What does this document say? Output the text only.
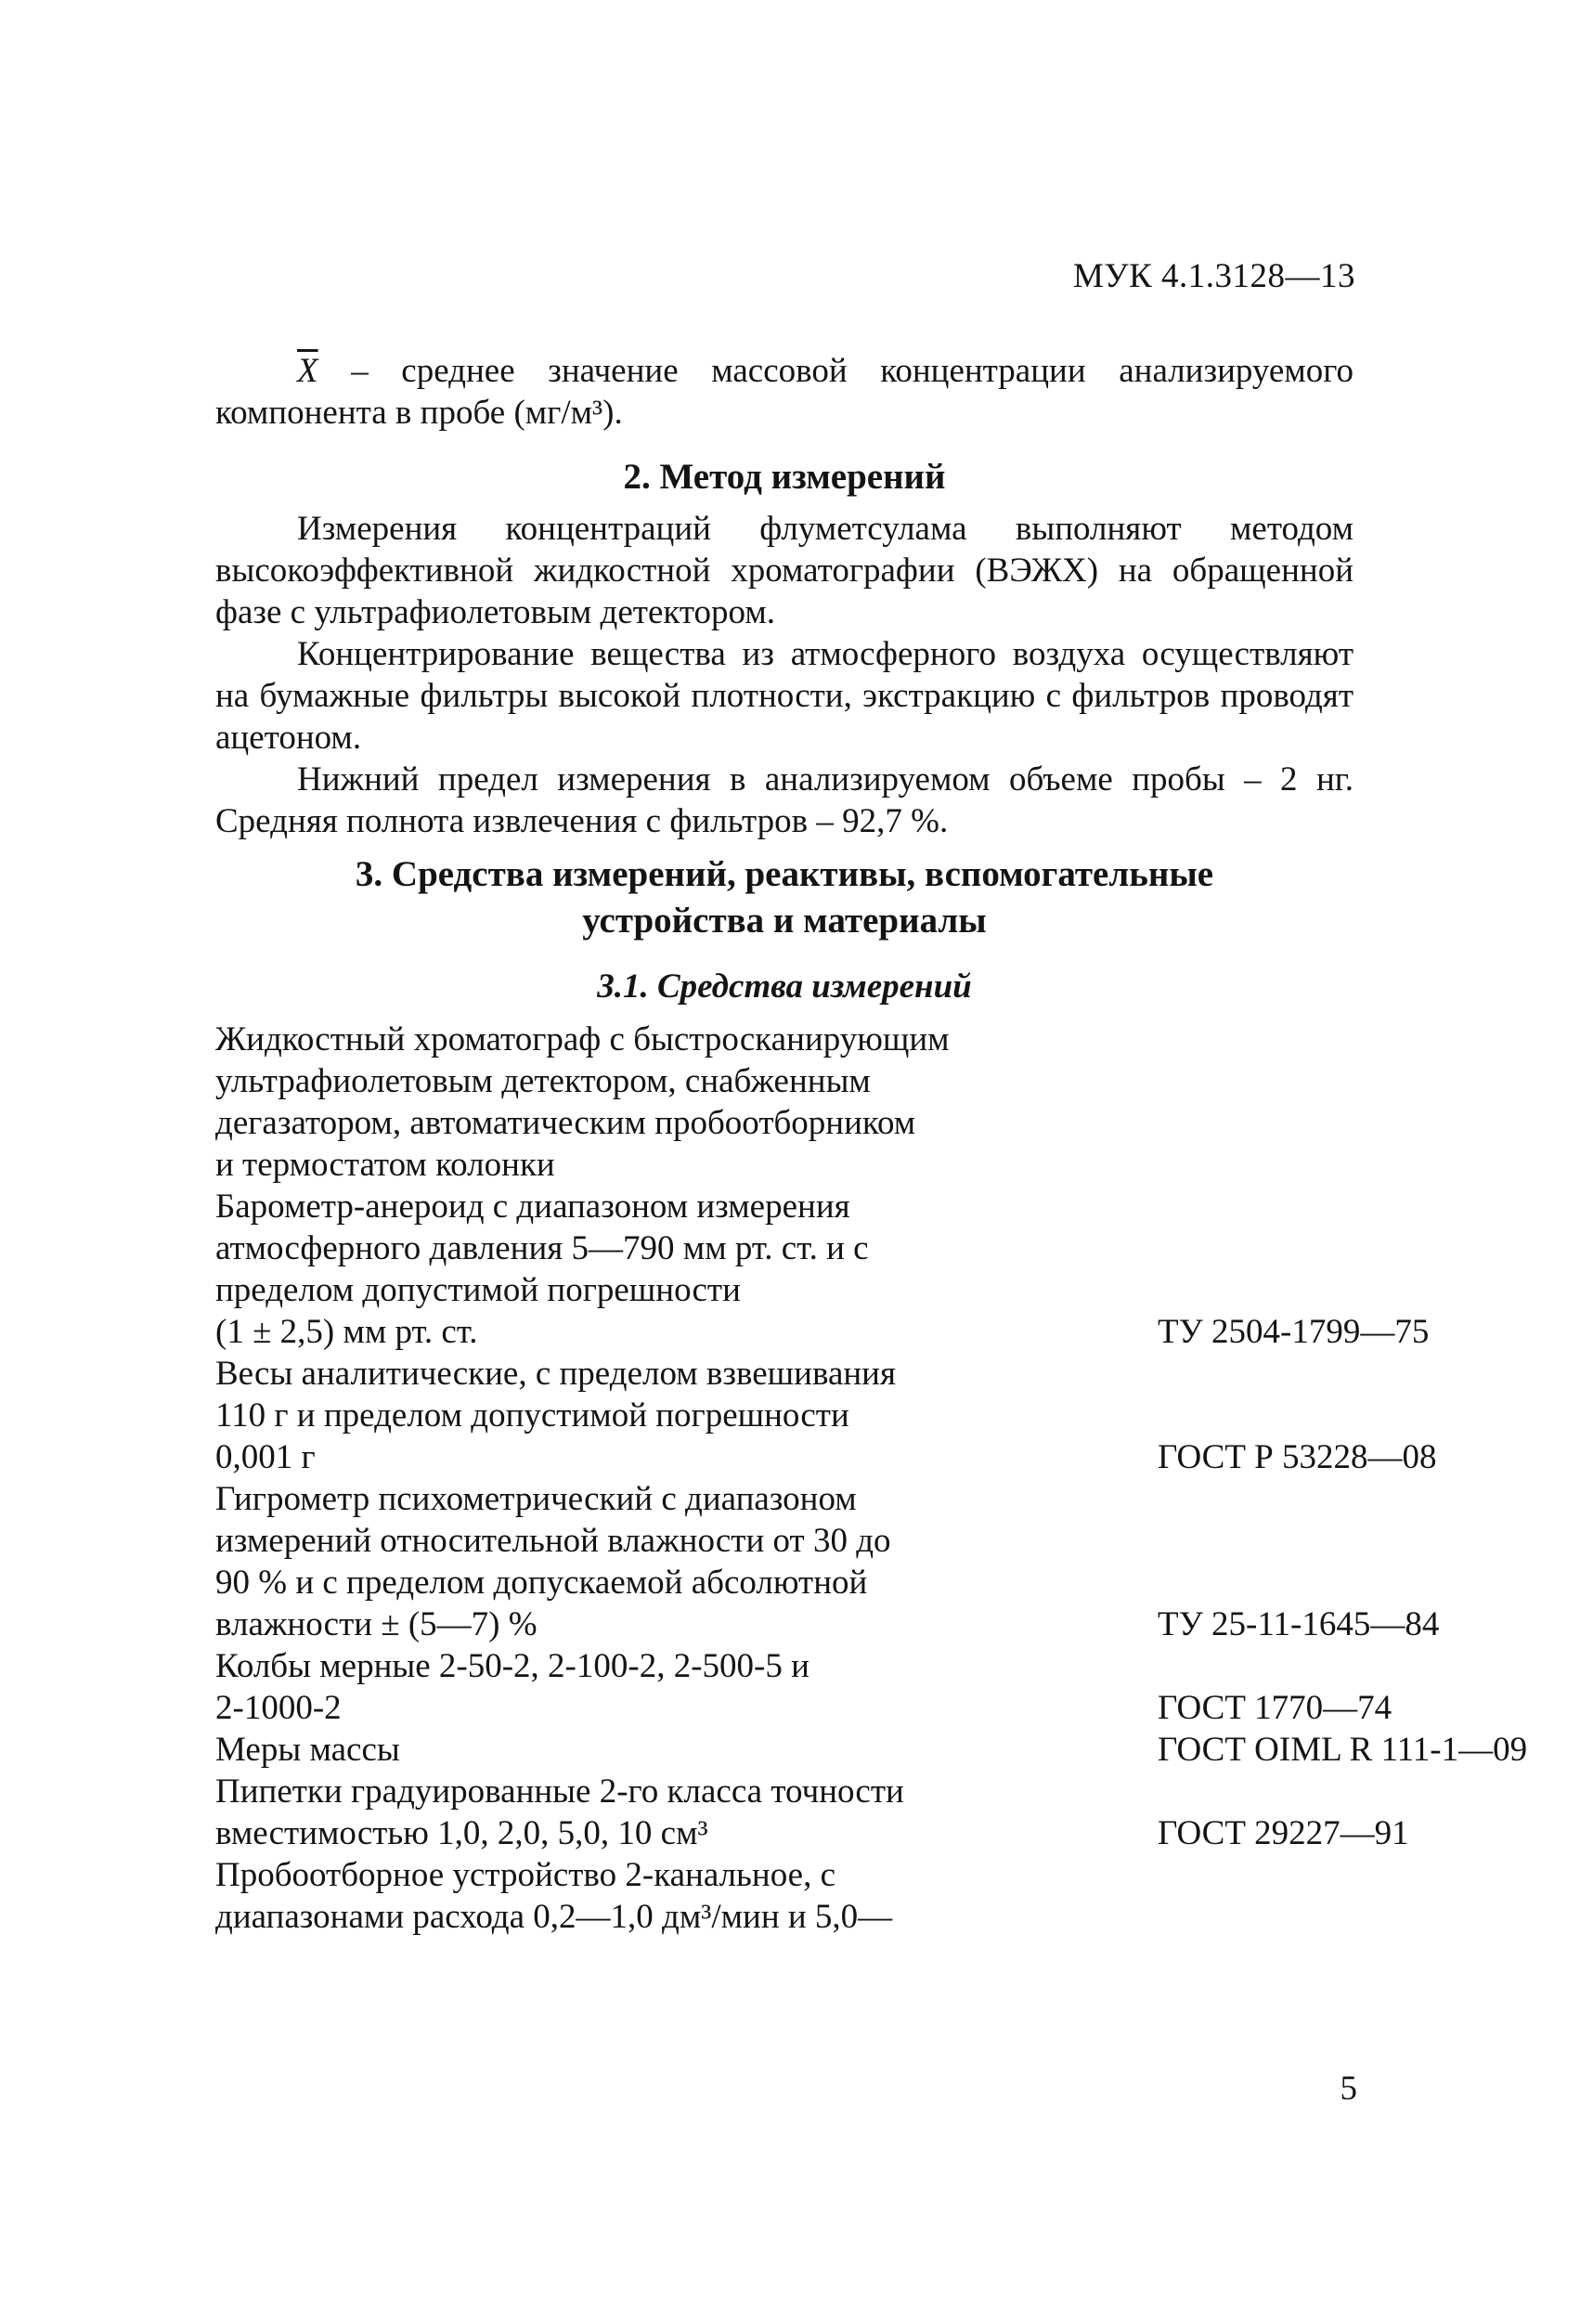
МУК 4.1.3128—13

$\overline{X}$ – среднее значение массовой концентрации анализируемого компонента в пробе (мг/м³).

2. Метод измерений

Измерения концентраций флуметсулама выполняют методом высокоэффективной жидкостной хроматографии (ВЭЖХ) на обращенной фазе с ультрафиолетовым детектором.

Концентрирование вещества из атмосферного воздуха осуществляют на бумажные фильтры высокой плотности, экстракцию с фильтров проводят ацетоном.

Нижний предел измерения в анализируемом объеме пробы – 2 нг. Средняя полнота извлечения с фильтров – 92,7 %.

3. Средства измерений, реактивы, вспомогательные
устройства и материалы
3.1. Средства измерений
Жидкостный хроматограф с быстросканирующим
ультрафиолетовым детектором, снабженным
дегазатором, автоматическим пробоотборником
и термостатом колонки
Барометр-анероид с диапазоном измерения
атмосферного давления 5—790 мм рт. ст. и с
пределом допустимой погрешности
(1 ± 2,5) мм рт. ст.	ТУ 2504-1799—75
Весы аналитические, с пределом взвешивания
110 г и пределом допустимой погрешности
0,001 г	ГОСТ Р 53228—08
Гигрометр психометрический с диапазоном
измерений относительной влажности от 30 до
90 % и с пределом допускаемой абсолютной
влажности ± (5—7) %	ТУ 25-11-1645—84
Колбы мерные 2-50-2, 2-100-2, 2-500-5 и
2-1000-2	ГОСТ 1770—74
Меры массы	ГОСТ OIML R 111-1—09
Пипетки градуированные 2-го класса точности
вместимостью 1,0, 2,0, 5,0, 10 см³	ГОСТ 29227—91
Пробоотборное устройство 2-канальное, с
диапазонами расхода 0,2—1,0 дм³/мин и 5,0—
5
